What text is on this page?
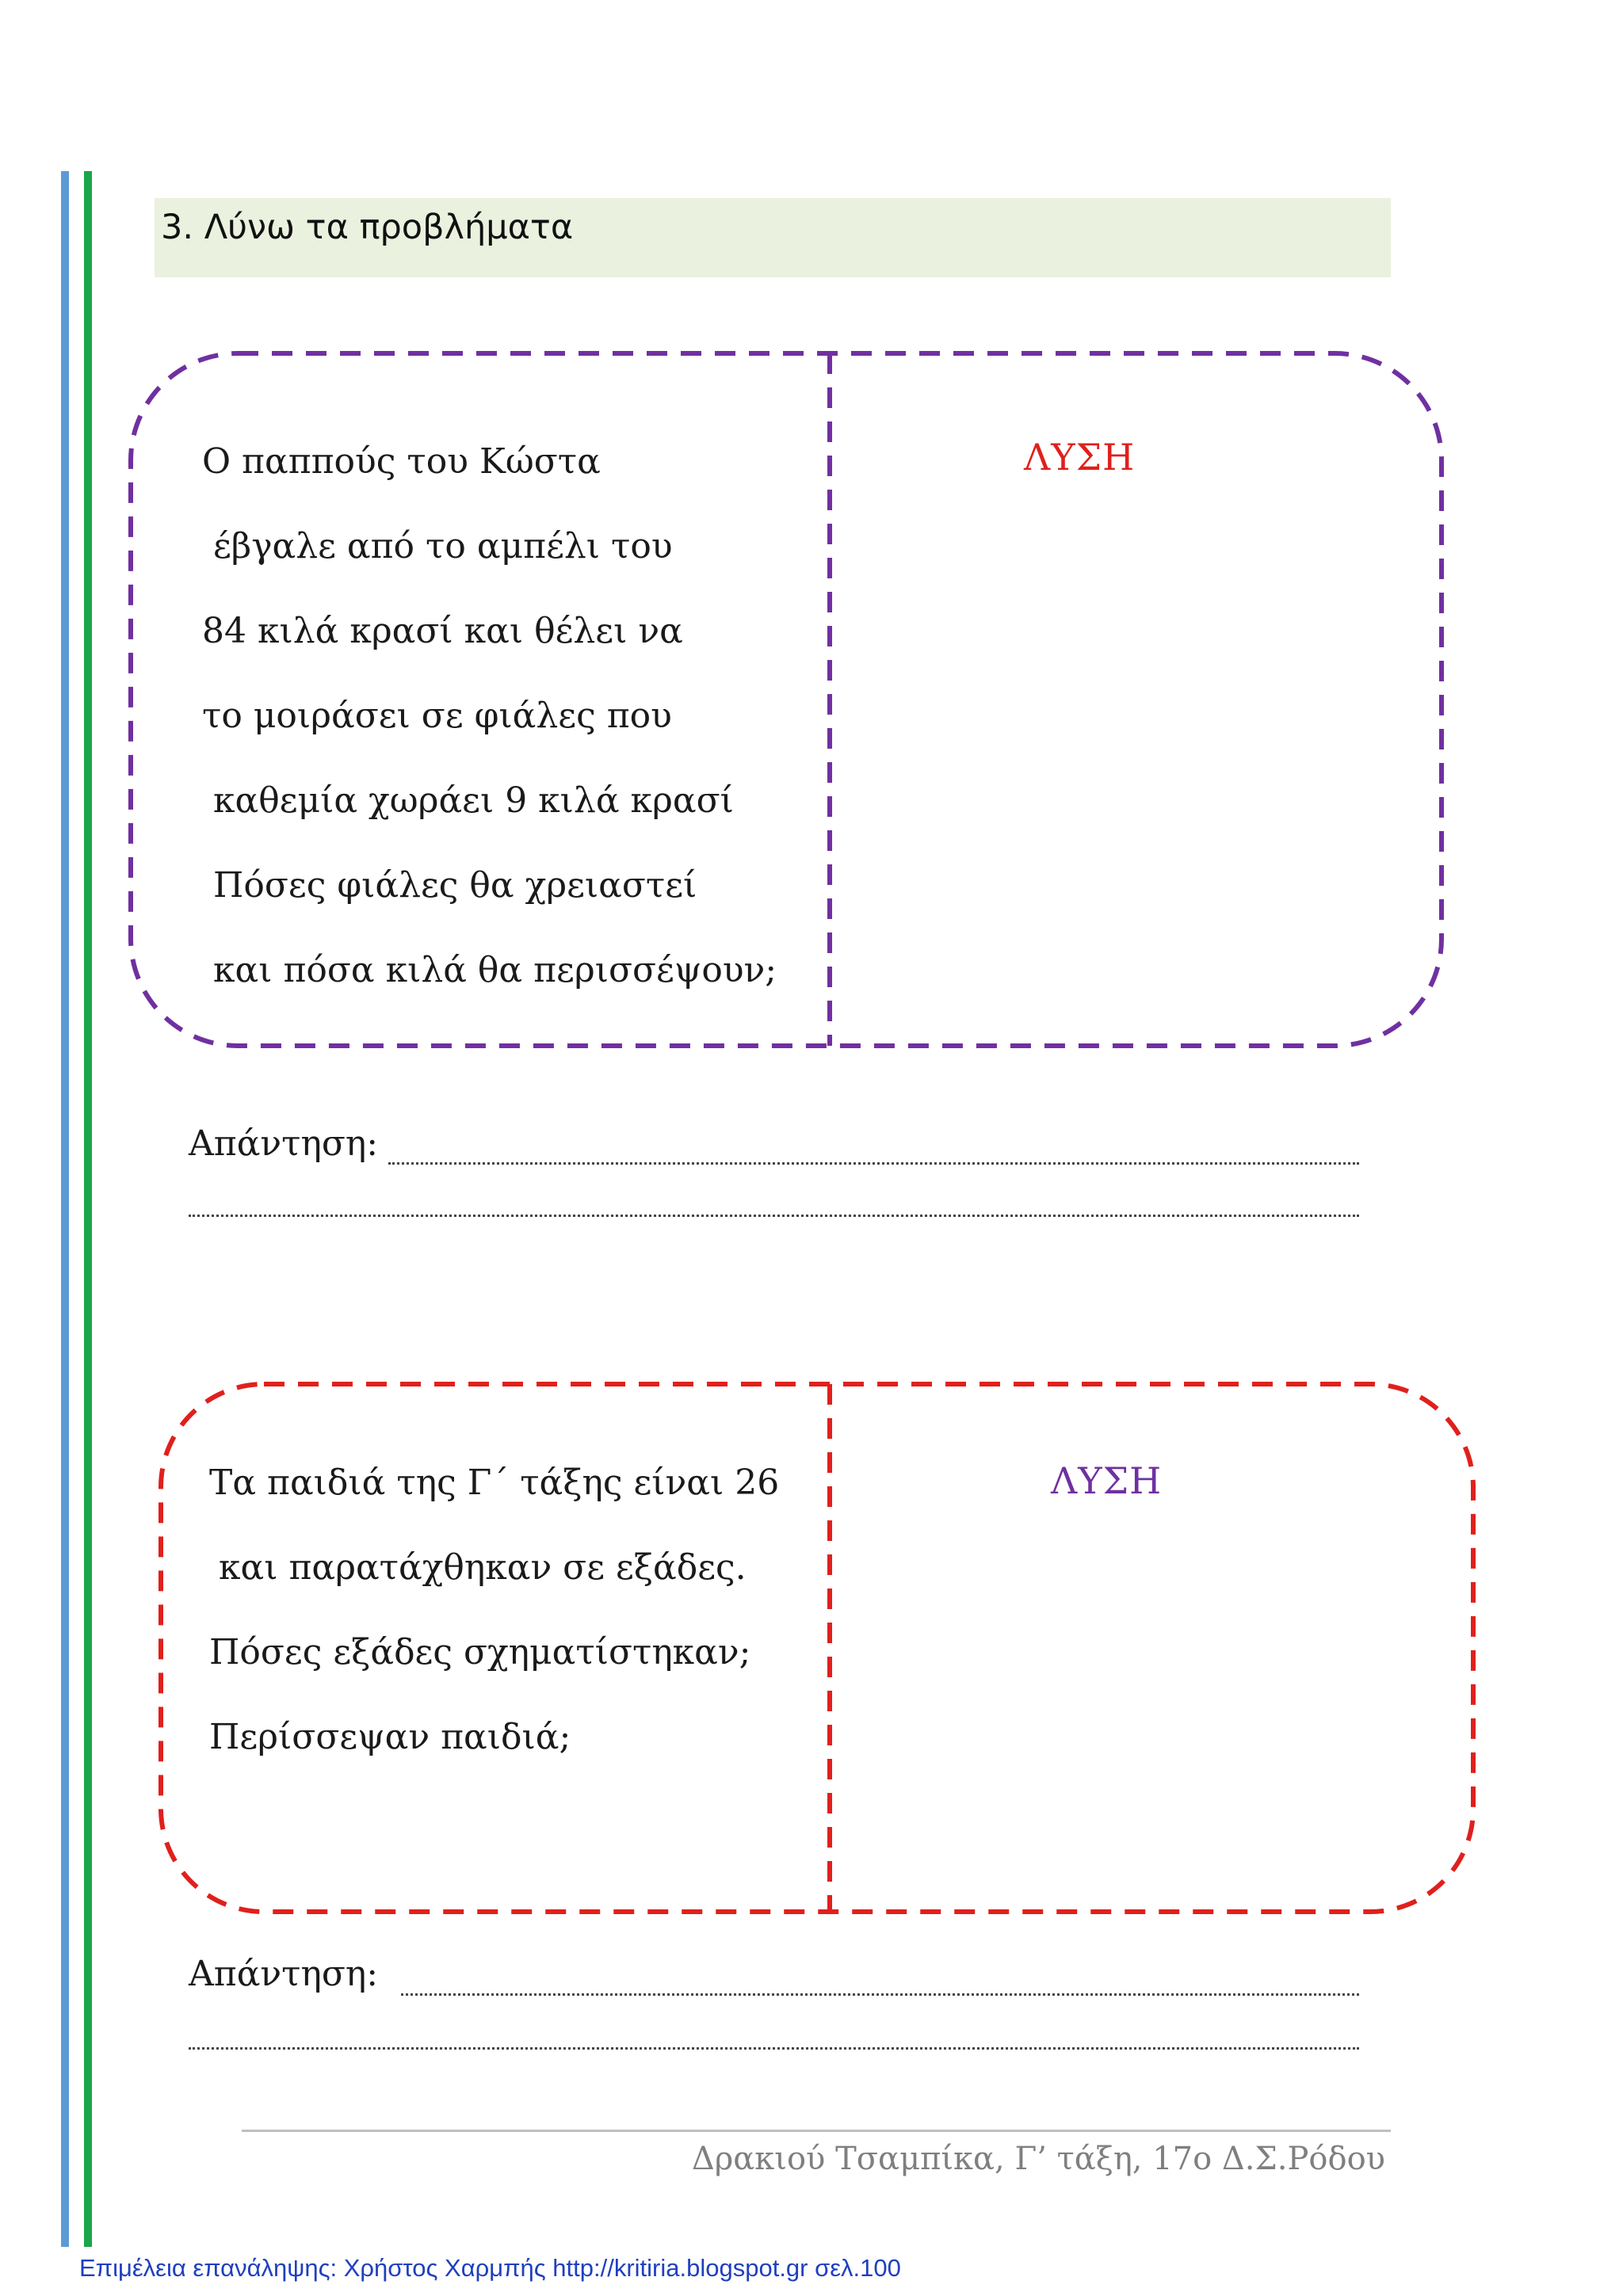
3. Λύνω τα προβλήματα
Ο παππούς του Κώστα
έβγαλε από το αμπέλι του
84 κιλά κρασί και θέλει να
το μοιράσει σε φιάλες που
καθεμία χωράει 9 κιλά κρασί
Πόσες φιάλες θα χρειαστεί
και πόσα κιλά θα περισσέψουν;
ΛΥΣΗ
Απάντηση:
Τα παιδιά της Γ΄ τάξης είναι 26
και παρατάχθηκαν σε εξάδες.
Πόσες εξάδες σχηματίστηκαν;
Περίσσεψαν παιδιά;
ΛΥΣΗ
Απάντηση:
Δρακιού Τσαμπίκα, Γ’ τάξη, 17ο Δ.Σ.Ρόδου
Επιμέλεια επανάληψης: Χρήστος Χαρμπής http://kritiria.blogspot.gr σελ.100
